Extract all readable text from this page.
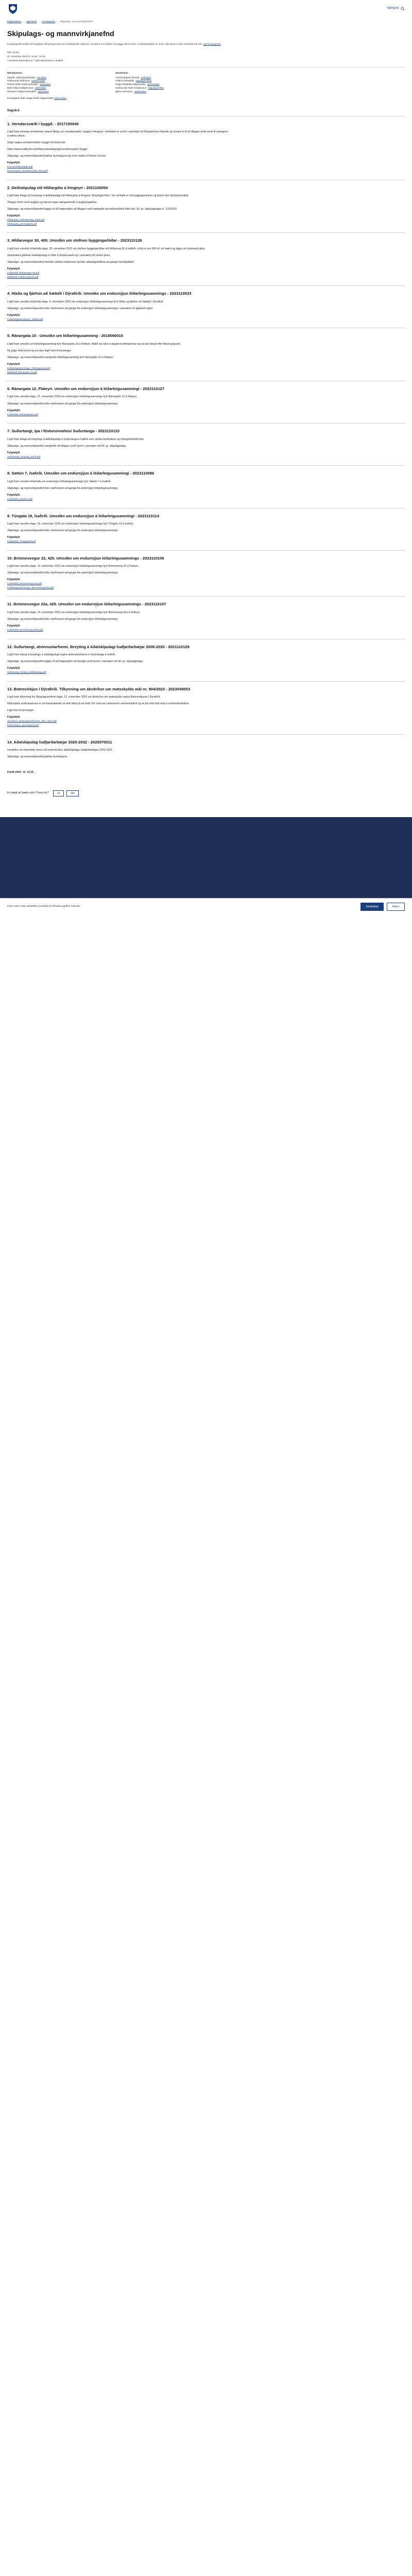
Valmynd
Ísafjarðarbær › Stjórnkerfi › Fundargerðir › Skipulags- og mannvirkjanefnd
Skipulags- og mannvirkjanefnd

Fundargerðir kveðst að bregðast við fyrirspurnum um fundargerðir ráðanna. Fundirnir eru haldnir á tveggja vikna fresti, á miðvikudögum kl. 8:15. Sjá nánar á síðu nefndarinnar hér. Sjá fundargerðir

620. fundur
23. nóvember 2023 kl. 10:30 - 12:15
í fundarsal bæjarstjórnar í Stjórnsýsluhúsinu á Ísafirði
Nefndarmenn
Sigríður Júlía Brynleifsdóttir formaður
Guðmundur Rafnsson varaformaður
Hrefna Valdís Guðmundsdóttir aðalmaður
Birkir Helgi Guðbjörnsson aðalmaður
Steinunn Guðný Einarsdóttir aðalmaður
Starfsmenn
Axel Rodriguez Överby sviðsstjóri
Hulda Guðnadóttir skipulagsfulltrúi
Helga Pálsdóttir Magnúsdóttir starfsmaður
Guðmundur Rafn Kristjánsson skipulagsfulltrúi
Bjarni Sveinsson starfsmaður
Fundargerð ritaði: Helga Þórdís Magnúsdóttir starfsmaður
Dagskrá
1. Verndarsvæði í byggð. - 2017100040

Lögð fram kynning verkefnisins ásamt tillögu um verndarsvæði í byggð á Þingeyri. Verkefnið er unnið í samstarfi við Minjastofnun Íslands og vonast er til að tillagan verði send til umsagnar á næstu vikum.

Gögn vegna verndarsvæðis í byggð má finna hér:

https://www.isafjordur.is/is/thjonusta/skipulag/verndarsvaedi-i-byggd

Skipulags- og mannvirkjanefnd þakkar kynninguna og vísar málinu til frekari vinnslu.

Fylgiskjöl:
Kort verndarsvæðis.pdf
Greinargerð_verndarsvæði_2023.pdf
2. Deiliskipulag við Hlíðargötu á Þingeyri - 2021100054

Lögð fram tillaga að breytingu á deiliskipulagi við Hlíðargötu á Þingeyri. Breytingin felur í sér að bætt er við byggingarreitum og lóðum fyrir íbúðarhúsnæði.

Tillagan hefur verið auglýst og bárust engar athugasemdir á auglýsingatíma.

Skipulags- og mannvirkjanefnd leggur til við bæjarstjórn að tillagan verði samþykkt og málsmeðferð lokið skv. 42. gr. skipulagslaga nr. 123/2010.

Fylgiskjöl:
Hlíðargata_deiliskipulag_2023.pdf
Hlíðargata_greinargerð.pdf
3. Hlíðarvegur 30, 400. Umsókn um stofnun byggingarlóðar - 2023110126

Lögð fram umsókn lóðarhafa dags. 20. nóvember 2023 um stofnun byggingarlóðar við Hlíðarveg 30 á Ísafirði. Lóðin er um 650 m² að stærð og liggur að núverandi götu.

Samkvæmt gildandi aðalskipulagi er lóðin á íbúðarsvæði og í samræmi við stefnu þess.

Skipulags- og mannvirkjanefnd heimilar stofnun lóðarinnar og felur skipulagsfulltrúa að ganga frá lóðarblaði.

Fylgiskjöl:
Lóðarblað Hlíðarvegur 30.pdf
Mæliblað_Hlíðarvegur30.pdf
4. Hlaða og fjárhús að Sæbóli í Dýrafirði. Umsókn um endurnýjun lóðarleigusamnings - 2023110033

Lögð fram umsókn lóðarhafa dags. 6. nóvember 2023 um endurnýjun lóðarleigusamnings fyrir hlöðu og fjárhús að Sæbóli í Dýrafirði.

Skipulags- og mannvirkjanefnd felur starfsmanni að ganga frá endurnýjun lóðarleigusamnings í samræmi við gildandi reglur.

Fylgiskjöl:
Lóðarleigusamningur_Sæból.pdf
5. Ránargata 10 - Umsókn um lóðarleigusamning - 2018060015

Lögð fram umsókn um lóðarleigusamning fyrir Ránargötu 10 á Flateyri. Málið var áður á dagskrá nefndarinnar og var þá óskað eftir frekari gögnum.

Ný gögn hafa borist og eru þau lögð fram til kynningar.

Skipulags- og mannvirkjanefnd samþykkir lóðarleigusamning fyrir Ránargötu 10 á Flateyri.

Fylgiskjöl:
Lóðarleigusamningur_Ránargata10.pdf
Mæliblað Ránargata 10.pdf
6. Ránargata 12, Flateyri. Umsókn um endurnýjun á lóðarleigusamningi - 2023110127

Lögð fram umsókn dags. 21. nóvember 2023 um endurnýjun lóðarleigusamnings fyrir Ránargötu 12 á Flateyri.

Skipulags- og mannvirkjanefnd felur starfsmanni að ganga frá endurnýjun lóðarleigusamnings.

Fylgiskjöl:
Lóðarblað_Ránargata12.pdf
7. Suðurtangi, Ipa í fósturunnahúsi Suðurtanga - 2023110123

Lögð fram tillaga að breytingu á deiliskipulagi á Suðurtanga á Ísafirði sem varðar landnotkun og nýtingarhlutfall lóða.

Skipulags- og mannvirkjanefnd samþykkir að tillagan verði kynnt í samræmi við 40. gr. skipulagslaga.

Fylgiskjöl:
Suðurtangi_breyting_2023.pdf
8. Sætún 7, Ísafirði. Umsókn um endurnýjun á lóðarleigusamningi - 2023110086

Lögð fram umsókn lóðarhafa um endurnýjun lóðarleigusamnings fyrir Sætún 7 á Ísafirði.

Skipulags- og mannvirkjanefnd felur starfsmanni að ganga frá endurnýjun lóðarleigusamnings.

Fylgiskjöl:
Lóðarblað_Sætún7.pdf
9. Túngata 19, Ísafirði. Umsókn um endurnýjun á lóðarleigusamningi - 2023110114

Lögð fram umsókn dags. 16. nóvember 2023 um endurnýjun lóðarleigusamnings fyrir Túngötu 19 á Ísafirði.

Skipulags- og mannvirkjanefnd felur starfsmanni að ganga frá endurnýjun lóðarleigusamnings.

Fylgiskjöl:
Lóðarblað_Túngata19.pdf
10. Brimnesvegur 22, 425. Umsókn um endurnýjun lóðarleigusamnings - 2023110106

Lögð fram umsókn dags. 14. nóvember 2023 um endurnýjun lóðarleigusamnings fyrir Brimnesveg 22 á Flateyri.

Skipulags- og mannvirkjanefnd felur starfsmanni að ganga frá endurnýjun lóðarleigusamnings.

Fylgiskjöl:
Lóðarblað_Brimnesvegur22.pdf
Lóðarleigusamningur_Brimnesvegur22.pdf
11. Brimnesvegur 22a, 425. Umsókn um endurnýjun lóðarleigusamnings - 2023110107

Lögð fram umsókn dags. 14. nóvember 2023 um endurnýjun lóðarleigusamnings fyrir Brimnesveg 22a á Flateyri.

Skipulags- og mannvirkjanefnd felur starfsmanni að ganga frá endurnýjun lóðarleigusamnings.

Fylgiskjöl:
Lóðarblað_Brimnesvegur22a.pdf
12. Suðurtangi, atvinnustarfsemi. Breyting á Aðalskipulagi Ísafjarðarbæjar 2008-2020 - 2021110129

Lögð fram lýsing á breytingu á aðalskipulagi vegna atvinnustarfsemi á Suðurtanga á Ísafirði.

Skipulags- og mannvirkjanefnd leggur til við bæjarstjórn að lýsingin verði kynnt í samræmi við 30. gr. skipulagslaga.

Fylgiskjöl:
Suðurtangi_lýsing_aðalskipulag.pdf
13. Botnsvirkjun í Dýrafirði. Tilkynning um ákvörðun um matsskyldu mál nr. 904/2023 - 2023040053

Lögð fram tilkynning frá Skipulagsstofnun dags. 21. nóvember 2023 um ákvörðun um matsskyldu vegna Botnsvirkjunar í Dýrafirði.

Niðurstaða stofnunarinnar er að framkvæmdin sé ekki líkleg til að hafa í för með sér umtalsverð umhverfisáhrif og sé því ekki háð mati á umhverfisáhrifum.

Lagt fram til kynningar.

Fylgiskjöl:
Ákvörðun_Skipulagsstofnunar_904_2023.pdf
Botnsvirkjun_greinargerð.pdf
14. Aðalskipulag Ísafjarðarbæjar 2020-2032 - 2020070011

Umræður um framvindu vinnu við endurskoðun aðalskipulags Ísafjarðarbæjar 2020-2032.

Skipulags- og mannvirkjanefnd þakkar kynninguna.

Fundi slitið - kl. 12:15.
Er hægt að bæta síðu? Fann þú?	Já	Nei
Þessi vefur notar vafrakökur (cookies) til að bæta upplifun notenda.	Samþykkja	Hafna
